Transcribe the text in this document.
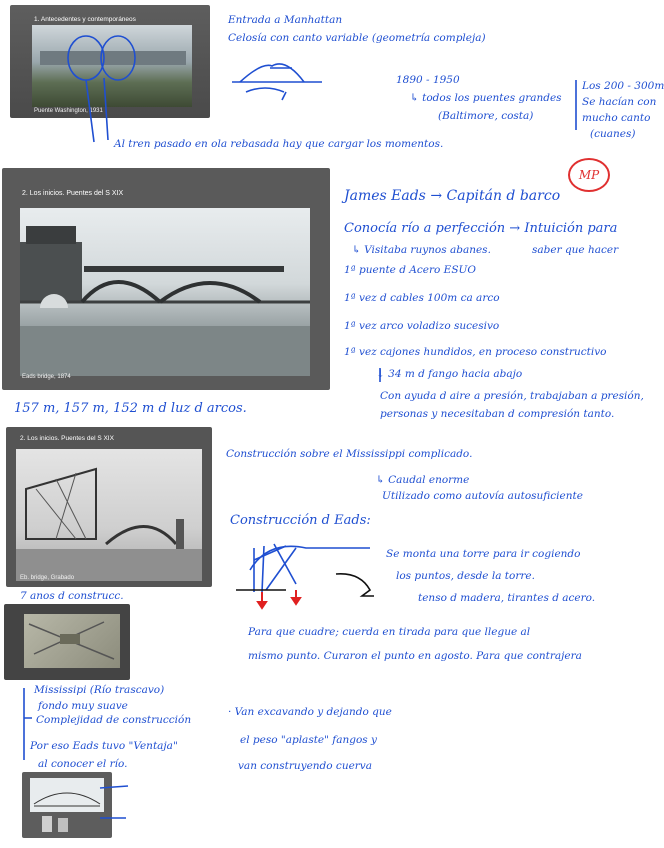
1. Antecedentes y contemporáneos
Puente Washington, 1931
2. Los inicios. Puentes del S XIX
Eads bridge, 1874
2. Los inicios. Puentes del S XIX
Eb. bridge, Grabado
Entrada a Manhattan
Celosía con canto variable (geometría compleja)
1890 - 1950
↳ todos los puentes grandes
(Baltimore, costa)
Los 200 - 300m
Se hacían con
mucho canto
(cuanes)
Al tren pasado en ola rebasada hay que cargar los momentos.
MP
James Eads → Capitán d barco
Conocía río a perfección → Intuición para
↳ Visitaba ruynos abanes.	saber que hacer
1ª puente d Acero ESUO
1ª vez d cables 100m ca arco
1ª vez arco voladizo sucesivo
1ª vez cajones hundidos, en proceso constructivo
↓ 34 m d fango hacia abajo
Con ayuda d aire a presión, trabajaban a presión,
personas y necesitaban d compresión tanto.
157 m, 157 m, 152 m d luz d arcos.
Construcción sobre el Mississippi complicado.
↳ Caudal enorme
Utilizado como autovía autosuficiente
Construcción d Eads:
Se monta una torre para ir cogiendo
los puntos, desde la torre.
tenso d madera, tirantes d acero.
Para que cuadre; cuerda en tirada para que llegue al
mismo punto. Curaron el punto en agosto. Para que contrajera
· Van excavando y dejando que
el peso "aplaste" fangos y
van construyendo cuerva
7 anos d construcc.
Mississipi (Río trascavo)
fondo muy suave
Complejidad de construcción
Por eso Eads tuvo "Ventaja"
al conocer el río.
